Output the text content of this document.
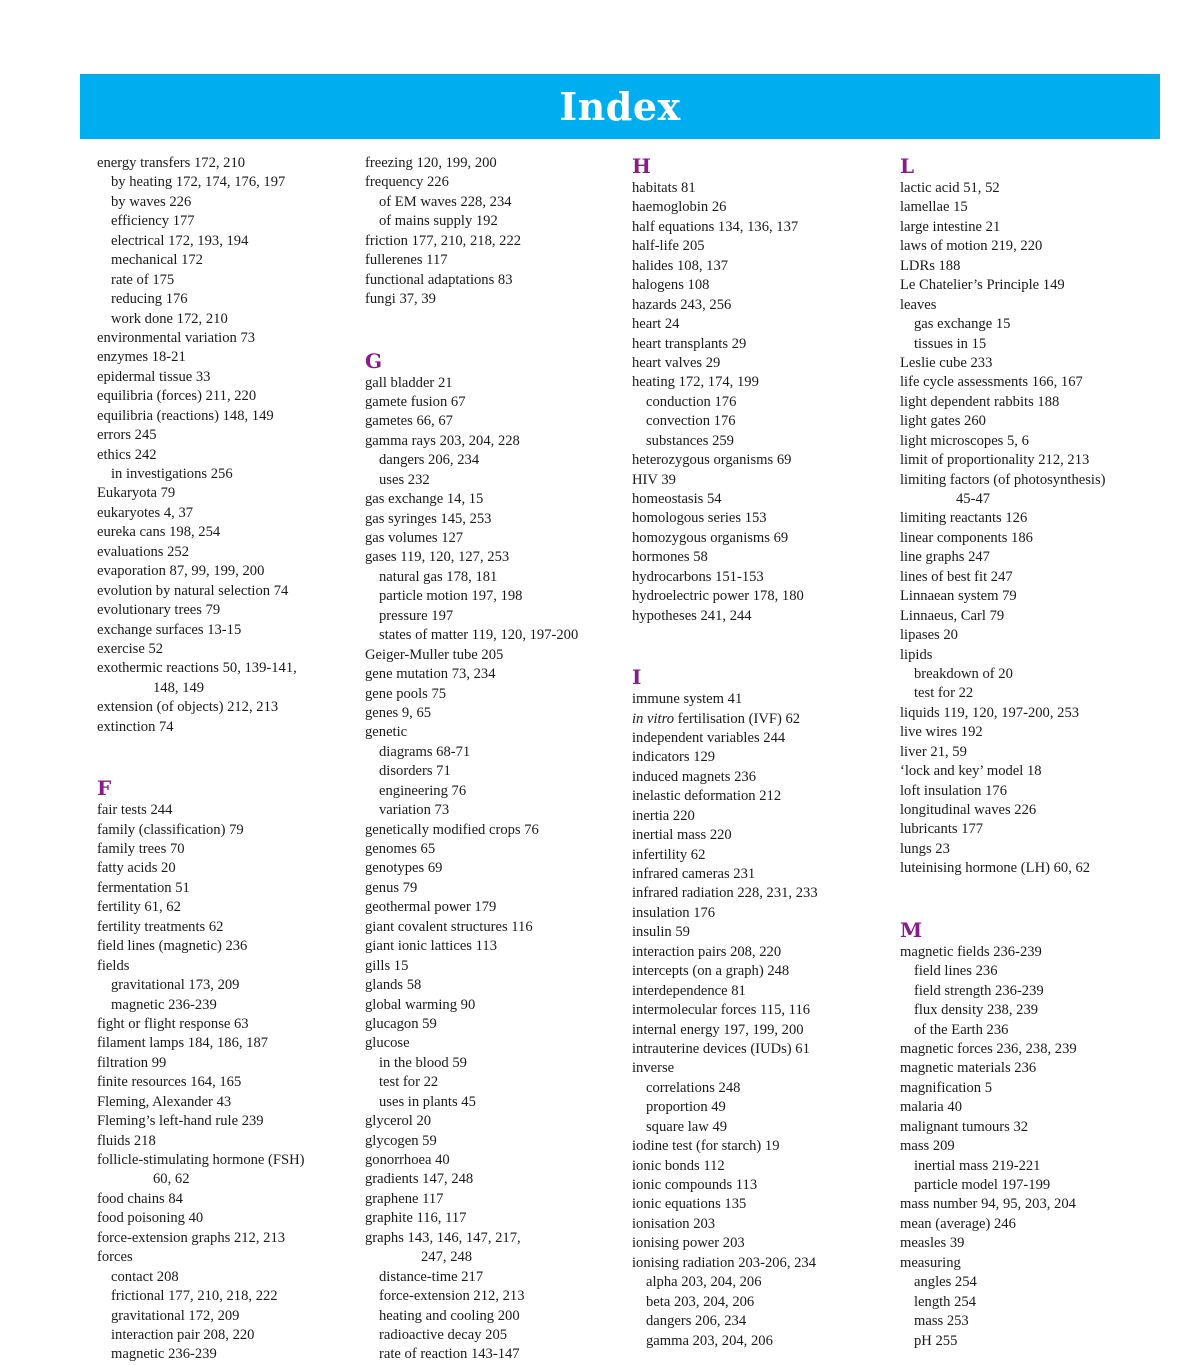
Index
energy transfers 172, 210
by heating 172, 174, 176, 197
by waves 226
efficiency 177
electrical 172, 193, 194
mechanical 172
rate of 175
reducing 176
work done 172, 210
environmental variation 73
enzymes 18-21
epidermal tissue 33
equilibria (forces) 211, 220
equilibria (reactions) 148, 149
errors 245
ethics 242
in investigations 256
Eukaryota 79
eukaryotes 4, 37
eureka cans 198, 254
evaluations 252
evaporation 87, 99, 199, 200
evolution by natural selection 74
evolutionary trees 79
exchange surfaces 13-15
exercise 52
exothermic reactions 50, 139-141,
148, 149
extension (of objects) 212, 213
extinction 74
F
fair tests 244
family (classification) 79
family trees 70
fatty acids 20
fermentation 51
fertility 61, 62
fertility treatments 62
field lines (magnetic) 236
fields
gravitational 173, 209
magnetic 236-239
fight or flight response 63
filament lamps 184, 186, 187
filtration 99
finite resources 164, 165
Fleming, Alexander 43
Fleming’s left-hand rule 239
fluids 218
follicle-stimulating hormone (FSH)
60, 62
food chains 84
food poisoning 40
force-extension graphs 212, 213
forces
contact 208
frictional 177, 210, 218, 222
gravitational 172, 209
interaction pair 208, 220
magnetic 236-239
freezing 120, 199, 200
frequency 226
of EM waves 228, 234
of mains supply 192
friction 177, 210, 218, 222
fullerenes 117
functional adaptations 83
fungi 37, 39
G
gall bladder 21
gamete fusion 67
gametes 66, 67
gamma rays 203, 204, 228
dangers 206, 234
uses 232
gas exchange 14, 15
gas syringes 145, 253
gas volumes 127
gases 119, 120, 127, 253
natural gas 178, 181
particle motion 197, 198
pressure 197
states of matter 119, 120, 197-200
Geiger-Muller tube 205
gene mutation 73, 234
gene pools 75
genes 9, 65
genetic
diagrams 68-71
disorders 71
engineering 76
variation 73
genetically modified crops 76
genomes 65
genotypes 69
genus 79
geothermal power 179
giant covalent structures 116
giant ionic lattices 113
gills 15
glands 58
global warming 90
glucagon 59
glucose
in the blood 59
test for 22
uses in plants 45
glycerol 20
glycogen 59
gonorrhoea 40
gradients 147, 248
graphene 117
graphite 116, 117
graphs 143, 146, 147, 217,
247, 248
distance-time 217
force-extension 212, 213
heating and cooling 200
radioactive decay 205
rate of reaction 143-147
H
habitats 81
haemoglobin 26
half equations 134, 136, 137
half-life 205
halides 108, 137
halogens 108
hazards 243, 256
heart 24
heart transplants 29
heart valves 29
heating 172, 174, 199
conduction 176
convection 176
substances 259
heterozygous organisms 69
HIV 39
homeostasis 54
homologous series 153
homozygous organisms 69
hormones 58
hydrocarbons 151-153
hydroelectric power 178, 180
hypotheses 241, 244
I
immune system 41
in vitro fertilisation (IVF) 62
independent variables 244
indicators 129
induced magnets 236
inelastic deformation 212
inertia 220
inertial mass 220
infertility 62
infrared cameras 231
infrared radiation 228, 231, 233
insulation 176
insulin 59
interaction pairs 208, 220
intercepts (on a graph) 248
interdependence 81
intermolecular forces 115, 116
internal energy 197, 199, 200
intrauterine devices (IUDs) 61
inverse
correlations 248
proportion 49
square law 49
iodine test (for starch) 19
ionic bonds 112
ionic compounds 113
ionic equations 135
ionisation 203
ionising power 203
ionising radiation 203-206, 234
alpha 203, 204, 206
beta 203, 204, 206
dangers 206, 234
gamma 203, 204, 206
L
lactic acid 51, 52
lamellae 15
large intestine 21
laws of motion 219, 220
LDRs 188
Le Chatelier’s Principle 149
leaves
gas exchange 15
tissues in 15
Leslie cube 233
life cycle assessments 166, 167
light dependent rabbits 188
light gates 260
light microscopes 5, 6
limit of proportionality 212, 213
limiting factors (of photosynthesis)
45-47
limiting reactants 126
linear components 186
line graphs 247
lines of best fit 247
Linnaean system 79
Linnaeus, Carl 79
lipases 20
lipids
breakdown of 20
test for 22
liquids 119, 120, 197-200, 253
live wires 192
liver 21, 59
‘lock and key’ model 18
loft insulation 176
longitudinal waves 226
lubricants 177
lungs 23
luteinising hormone (LH) 60, 62
M
magnetic fields 236-239
field lines 236
field strength 236-239
flux density 238, 239
of the Earth 236
magnetic forces 236, 238, 239
magnetic materials 236
magnification 5
malaria 40
malignant tumours 32
mass 209
inertial mass 219-221
particle model 197-199
mass number 94, 95, 203, 204
mean (average) 246
measles 39
measuring
angles 254
length 254
mass 253
pH 255
